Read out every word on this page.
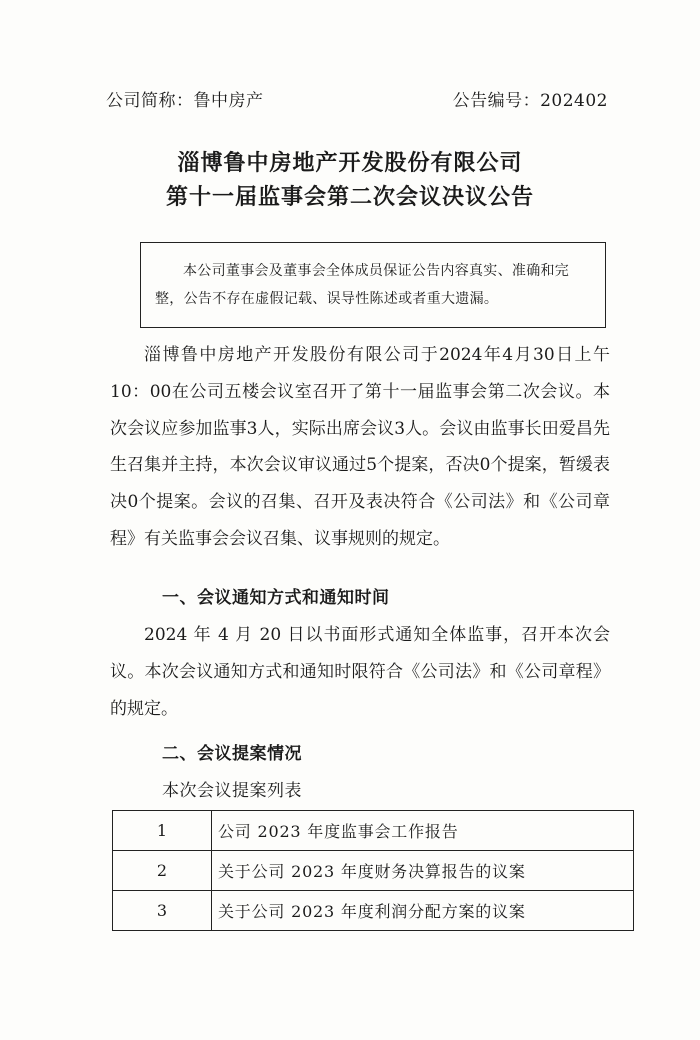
公司简称：鲁中房产	公告编号：202402
淄博鲁中房地产开发股份有限公司
第十一届监事会第二次会议决议公告
本公司董事会及董事会全体成员保证公告内容真实、准确和完整，公告不存在虚假记载、误导性陈述或者重大遗漏。
淄博鲁中房地产开发股份有限公司于2024年4月30日上午10：00在公司五楼会议室召开了第十一届监事会第二次会议。本次会议应参加监事3人，实际出席会议3人。会议由监事长田爱昌先生召集并主持，本次会议审议通过5个提案，否决0个提案，暂缓表决0个提案。会议的召集、召开及表决符合《公司法》和《公司章程》有关监事会会议召集、议事规则的规定。
一、会议通知方式和通知时间
2024 年 4 月 20 日以书面形式通知全体监事，召开本次会议。本次会议通知方式和通知时限符合《公司法》和《公司章程》的规定。
二、会议提案情况
本次会议提案列表
1	公司 2023 年度监事会工作报告
2	关于公司 2023 年度财务决算报告的议案
3	关于公司 2023 年度利润分配方案的议案
